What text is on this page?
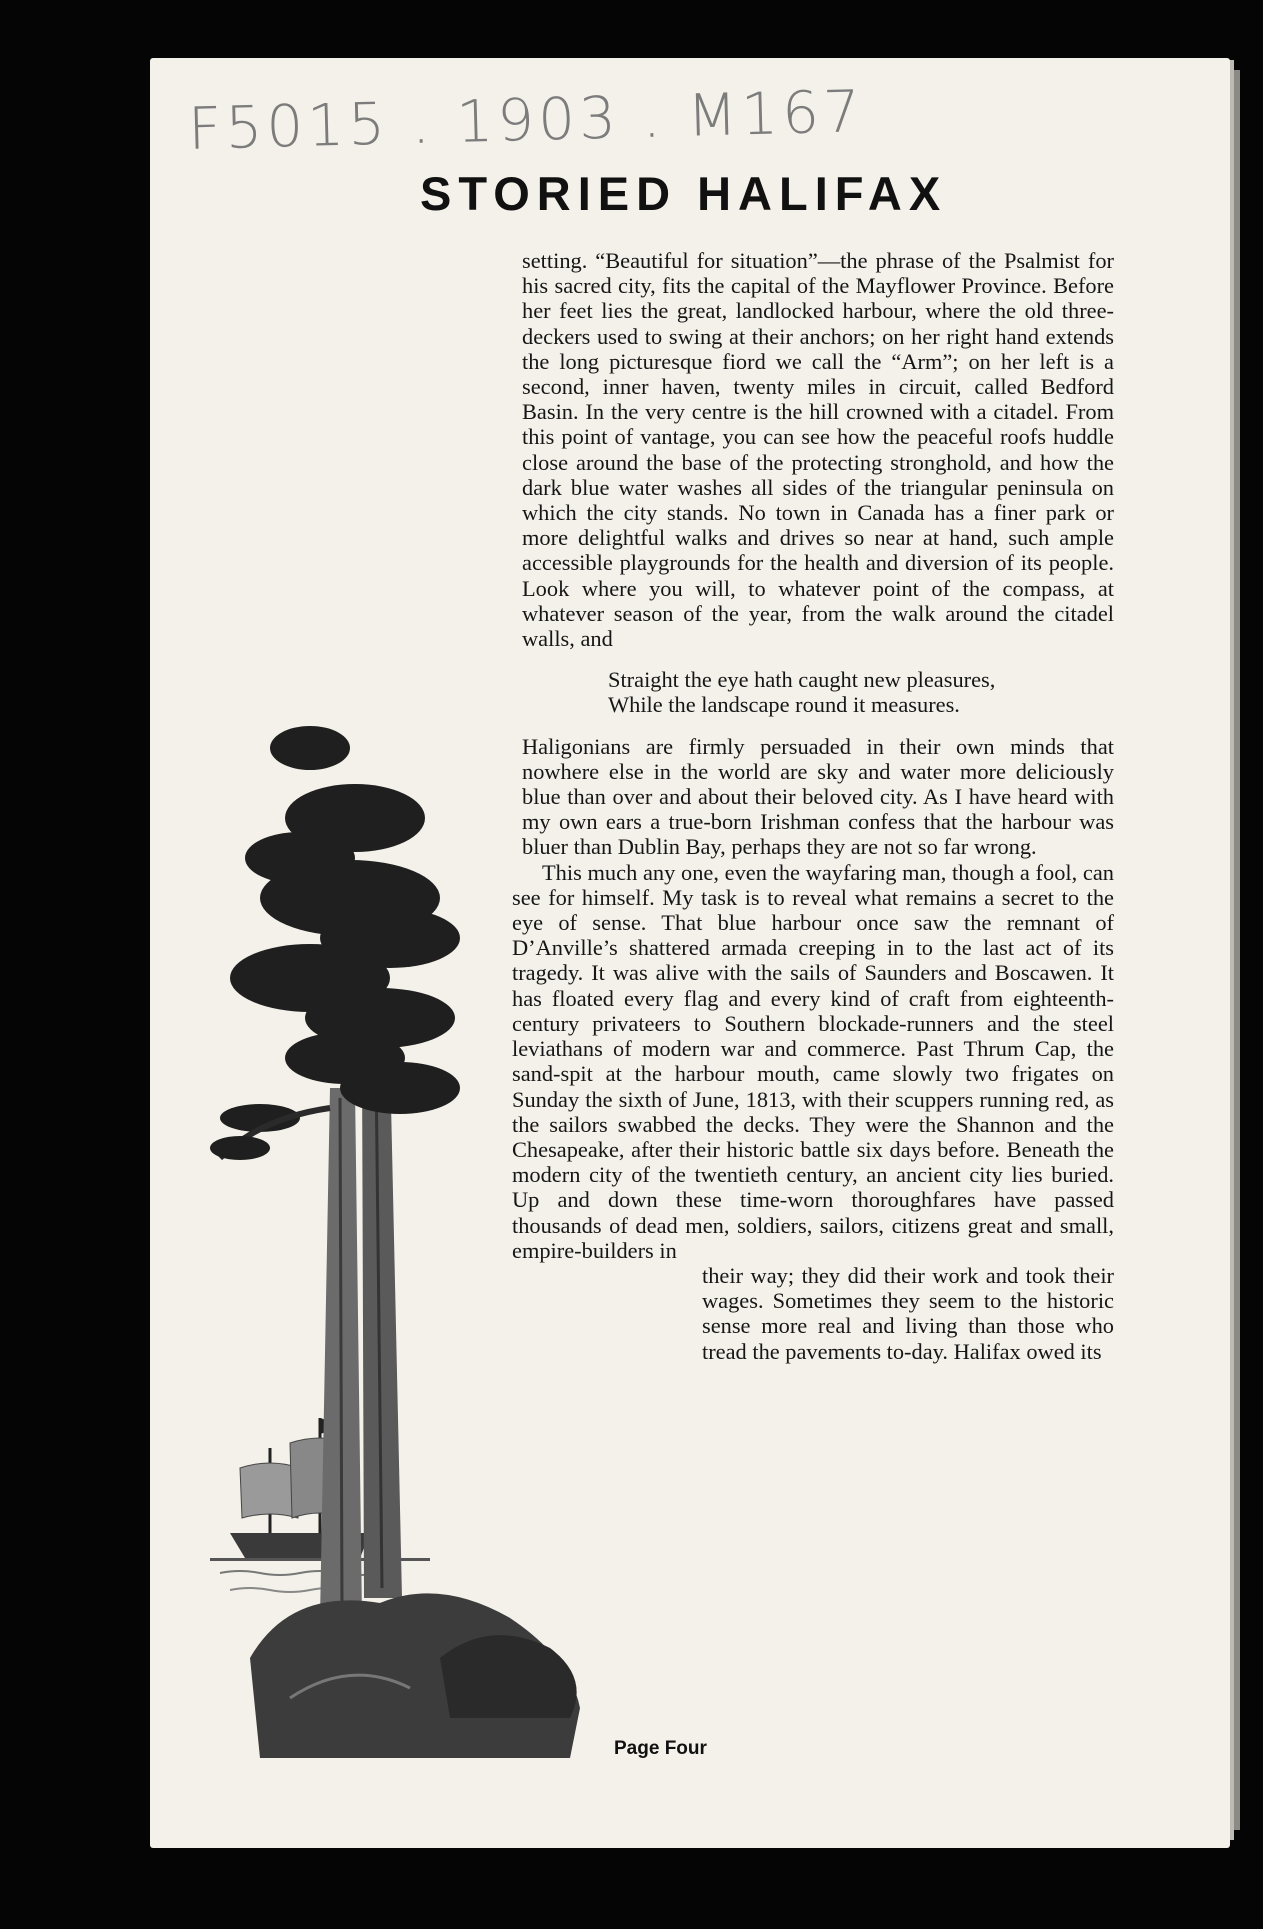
F5015 . 1903 . M167
STORIED HALIFAX

setting. “Beautiful for situation”—the phrase of the Psalmist for his sacred city, fits the capital of the Mayflower Province. Before her feet lies the great, landlocked harbour, where the old three-deckers used to swing at their anchors; on her right hand extends the long picturesque fiord we call the “Arm”; on her left is a second, inner haven, twenty miles in circuit, called Bedford Basin. In the very centre is the hill crowned with a citadel. From this point of vantage, you can see how the peaceful roofs huddle close around the base of the protecting stronghold, and how the dark blue water washes all sides of the triangular peninsula on which the city stands. No town in Canada has a finer park or more delightful walks and drives so near at hand, such ample accessible playgrounds for the health and diversion of its people. Look where you will, to whatever point of the compass, at whatever season of the year, from the walk around the citadel walls, and

Straight the eye hath caught new pleasures,
While the landscape round it measures.

Haligonians are firmly persuaded in their own minds that nowhere else in the world are sky and water more deliciously blue than over and about their beloved city. As I have heard with my own ears a true-born Irishman confess that the harbour was bluer than Dublin Bay, perhaps they are not so far wrong.

This much any one, even the wayfaring man, though a fool, can see for himself. My task is to reveal what remains a secret to the eye of sense. That blue harbour once saw the remnant of D’Anville’s shattered armada creeping in to the last act of its tragedy. It was alive with the sails of Saunders and Boscawen. It has floated every flag and every kind of craft from eighteenth-century privateers to Southern blockade-runners and the steel leviathans of modern war and commerce. Past Thrum Cap, the sand-spit at the harbour mouth, came slowly two frigates on Sunday the sixth of June, 1813, with their scuppers running red, as the sailors swabbed the decks. They were the Shannon and the Chesapeake, after their historic battle six days before. Beneath the modern city of the twentieth century, an ancient city lies buried. Up and down these time-worn thoroughfares have passed thousands of dead men, soldiers, sailors, citizens great and small, empire-builders in

their way; they did their work and took their wages. Sometimes they seem to the historic sense more real and living than those who tread the pavements to-day. Halifax owed its

Page Four
